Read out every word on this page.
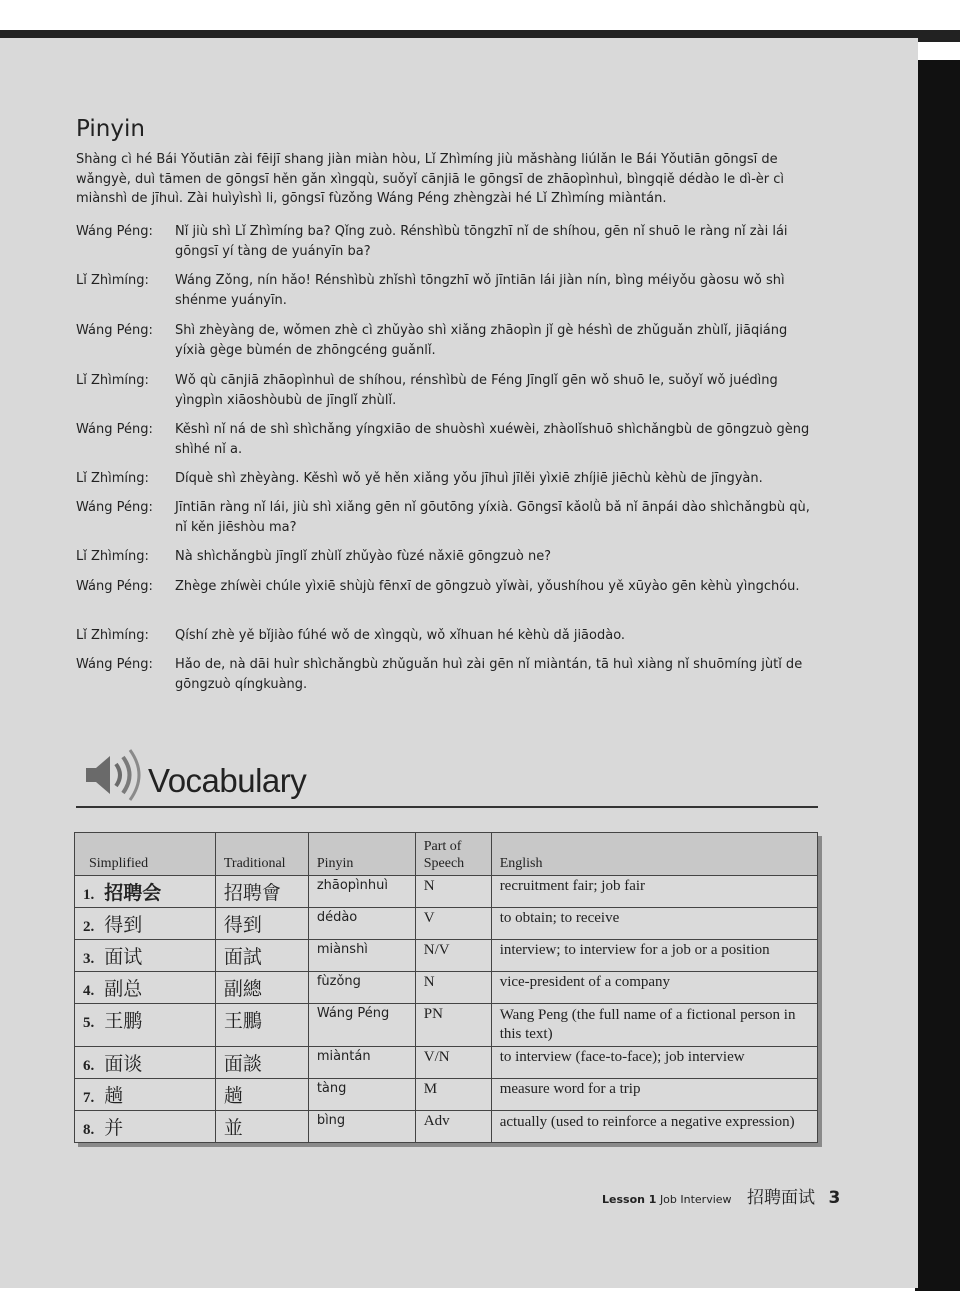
Pinyin

Shàng cì hé Bái Yǒutiān zài fēijī shang jiàn miàn hòu, Lǐ Zhìmíng jiù mǎshàng liúlǎn le Bái Yǒutiān gōngsī de wǎngyè, duì tāmen de gōngsī hěn gǎn xìngqù, suǒyǐ cānjiā le gōngsī de zhāopìnhuì, bìngqiě dédào le dì-èr cì miànshì de jīhuì. Zài huìyìshì li, gōngsī fùzǒng Wáng Péng zhèngzài hé Lǐ Zhìmíng miàntán.

Wáng Péng:	Nǐ jiù shì Lǐ Zhìmíng ba? Qǐng zuò. Rénshìbù tōngzhī nǐ de shíhou, gēn nǐ shuō le ràng nǐ zài lái gōngsī yí tàng de yuányīn ba?
Lǐ Zhìmíng:	Wáng Zǒng, nín hǎo! Rénshìbù zhǐshì tōngzhī wǒ jīntiān lái jiàn nín, bìng méiyǒu gàosu wǒ shì shénme yuányīn.
Wáng Péng:	Shì zhèyàng de, wǒmen zhè cì zhǔyào shì xiǎng zhāopìn jǐ gè héshì de zhǔguǎn zhùlǐ, jiāqiáng yíxià gège bùmén de zhōngcéng guǎnlǐ.
Lǐ Zhìmíng:	Wǒ qù cānjiā zhāopìnhuì de shíhou, rénshìbù de Féng Jīnglǐ gēn wǒ shuō le, suǒyǐ wǒ juédìng yìngpìn xiāoshòubù de jīnglǐ zhùlǐ.
Wáng Péng:	Kěshì nǐ ná de shì shìchǎng yíngxiāo de shuòshì xuéwèi, zhàolǐshuō shìchǎngbù de gōngzuò gèng shìhé nǐ a.
Lǐ Zhìmíng:	Díquè shì zhèyàng. Kěshì wǒ yě hěn xiǎng yǒu jīhuì jīlěi yìxiē zhíjiē jiēchù kèhù de jīngyàn.
Wáng Péng:	Jīntiān ràng nǐ lái, jiù shì xiǎng gēn nǐ gōutōng yíxià. Gōngsī kǎolǜ bǎ nǐ ānpái dào shìchǎngbù qù, nǐ kěn jiēshòu ma?
Lǐ Zhìmíng:	Nà shìchǎngbù jīnglǐ zhùlǐ zhǔyào fùzé nǎxiē gōngzuò ne?
Wáng Péng:	Zhège zhíwèi chúle yìxiē shùjù fēnxī de gōngzuò yǐwài, yǒushíhou yě xūyào gēn kèhù yìngchóu.
Lǐ Zhìmíng:	Qíshí zhè yě bǐjiào fúhé wǒ de xìngqù, wǒ xǐhuan hé kèhù dǎ jiāodào.
Wáng Péng:	Hǎo de, nà dāi huìr shìchǎngbù zhǔguǎn huì zài gēn nǐ miàntán, tā huì xiàng nǐ shuōmíng jùtǐ de gōngzuò qíngkuàng.
Vocabulary
Simplified	Traditional	Pinyin	Part of Speech	English
1. 招聘会	招聘會	zhāopìnhuì	N	recruitment fair; job fair
2. 得到	得到	dédào	V	to obtain; to receive
3. 面试	面試	miànshì	N/V	interview; to interview for a job or a position
4. 副总	副總	fùzǒng	N	vice-president of a company
5. 王鹏	王鵬	Wáng Péng	PN	Wang Peng (the full name of a fictional person in this text)
6. 面谈	面談	miàntán	V/N	to interview (face-to-face); job interview
7. 趟	趟	tàng	M	measure word for a trip
8. 并	並	bìng	Adv	actually (used to reinforce a negative expression)
Lesson 1 Job Interview 招聘面试 3
